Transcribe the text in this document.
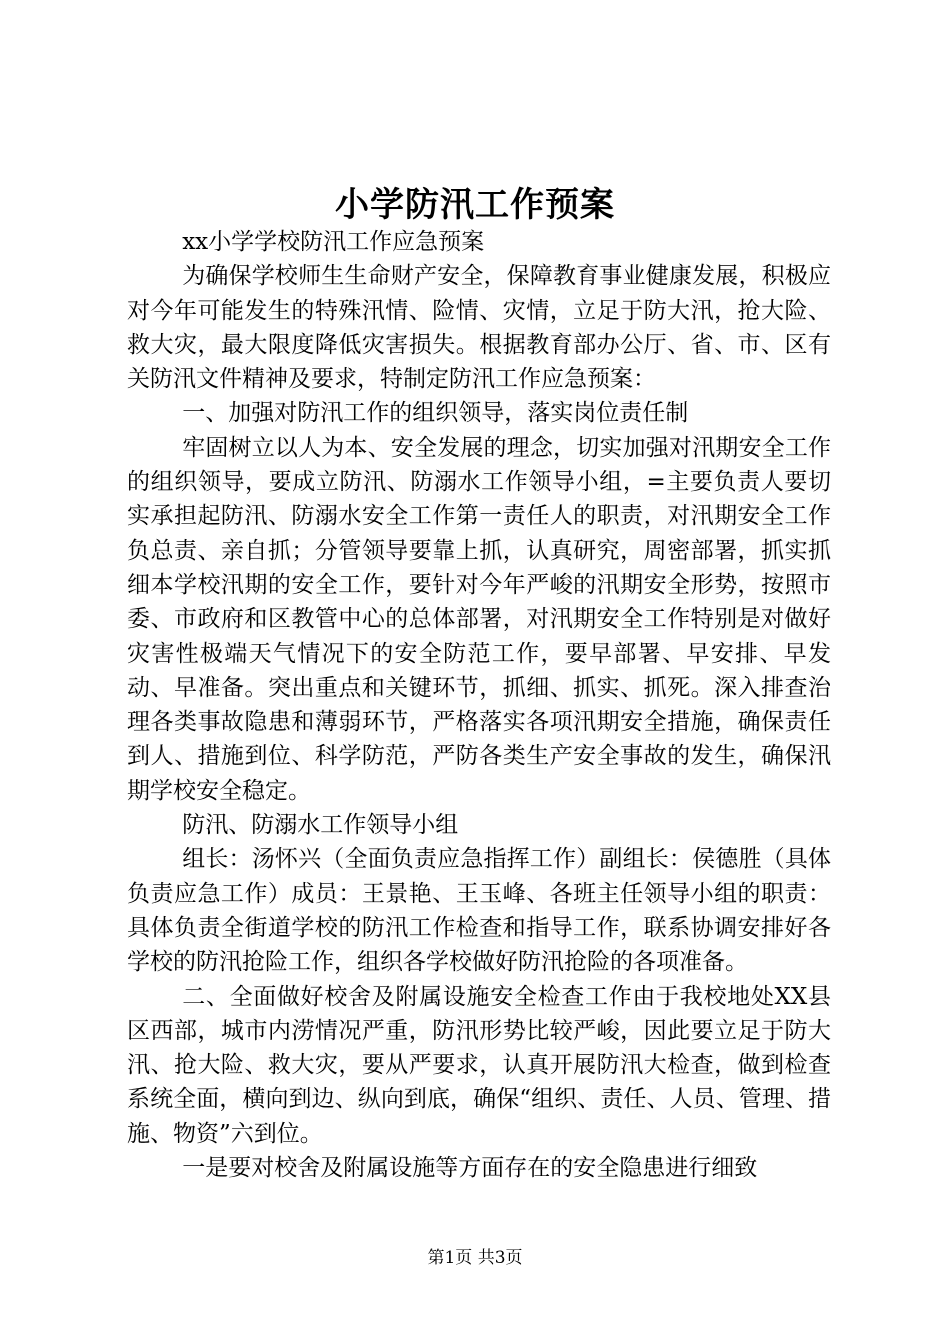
小学防汛工作预案

xx小学学校防汛工作应急预案

为确保学校师生生命财产安全，保障教育事业健康发展，积极应对今年可能发生的特殊汛情、险情、灾情，立足于防大汛，抢大险、救大灾，最大限度降低灾害损失。根据教育部办公厅、省、市、区有关防汛文件精神及要求，特制定防汛工作应急预案：

一、加强对防汛工作的组织领导，落实岗位责任制

牢固树立以人为本、安全发展的理念，切实加强对汛期安全工作的组织领导，要成立防汛、防溺水工作领导小组，=主要负责人要切实承担起防汛、防溺水安全工作第一责任人的职责，对汛期安全工作负总责、亲自抓；分管领导要靠上抓，认真研究，周密部署，抓实抓细本学校汛期的安全工作，要针对今年严峻的汛期安全形势，按照市委、市政府和区教管中心的总体部署，对汛期安全工作特别是对做好灾害性极端天气情况下的安全防范工作，要早部署、早安排、早发动、早准备。突出重点和关键环节，抓细、抓实、抓死。深入排查治理各类事故隐患和薄弱环节，严格落实各项汛期安全措施，确保责任到人、措施到位、科学防范，严防各类生产安全事故的发生，确保汛期学校安全稳定。

防汛、防溺水工作领导小组

组长：汤怀兴（全面负责应急指挥工作）副组长：侯德胜（具体负责应急工作）成员：王景艳、王玉峰、各班主任领导小组的职责：具体负责全街道学校的防汛工作检查和指导工作，联系协调安排好各学校的防汛抢险工作，组织各学校做好防汛抢险的各项准备。

二、全面做好校舍及附属设施安全检查工作由于我校地处XX县区西部，城市内涝情况严重，防汛形势比较严峻，因此要立足于防大汛、抢大险、救大灾，要从严要求，认真开展防汛大检查，做到检查系统全面，横向到边、纵向到底，确保“组织、责任、人员、管理、措施、物资”六到位。

一是要对校舍及附属设施等方面存在的安全隐患进行细致

第1页 共3页
